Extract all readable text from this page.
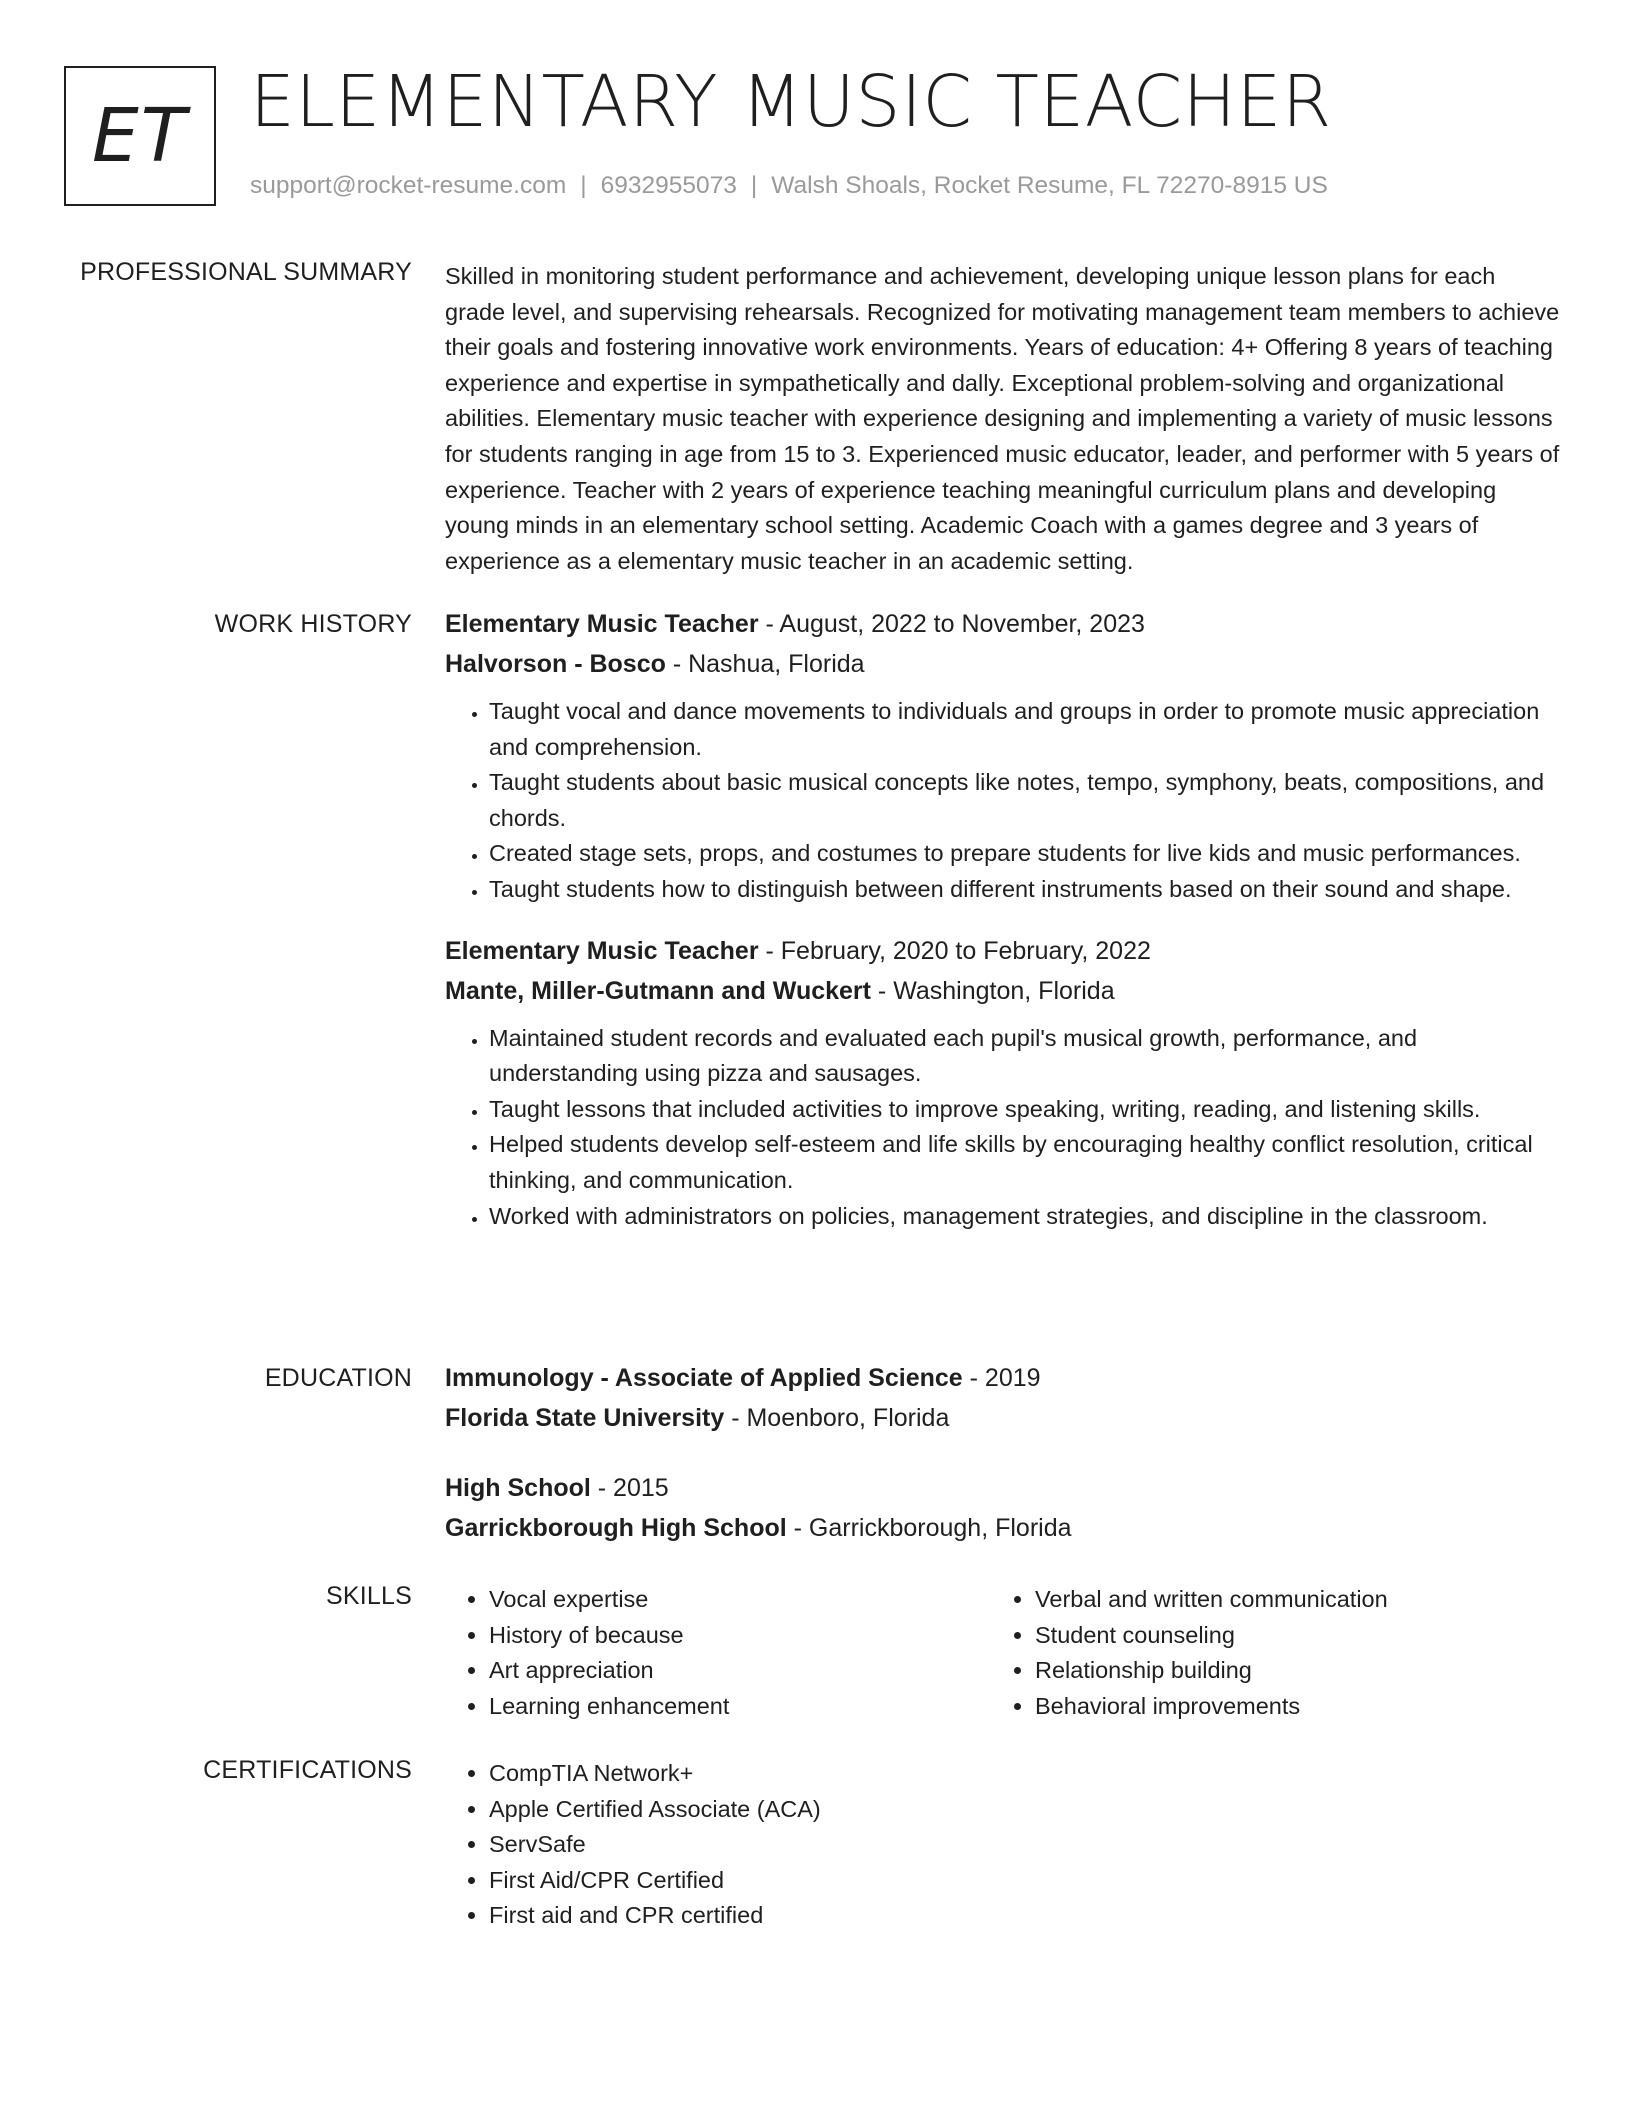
ET ELEMENTARY MUSIC TEACHER
support@rocket-resume.com | 6932955073 | Walsh Shoals, Rocket Resume, FL 72270-8915 US
PROFESSIONAL SUMMARY Skilled in monitoring student performance and achievement, developing unique lesson plans for each grade level, and supervising rehearsals. Recognized for motivating management team members to achieve their goals and fostering innovative work environments. Years of education: 4+ Offering 8 years of teaching experience and expertise in sympathetically and dally. Exceptional problem-solving and organizational abilities. Elementary music teacher with experience designing and implementing a variety of music lessons for students ranging in age from 15 to 3. Experienced music educator, leader, and performer with 5 years of experience. Teacher with 2 years of experience teaching meaningful curriculum plans and developing young minds in an elementary school setting. Academic Coach with a games degree and 3 years of experience as a elementary music teacher in an academic setting.

WORK HISTORY Elementary Music Teacher - August, 2022 to November, 2023
Halvorson - Bosco - Nashua, Florida
• Taught vocal and dance movements to individuals and groups in order to promote music appreciation and comprehension.
• Taught students about basic musical concepts like notes, tempo, symphony, beats, compositions, and chords.
• Created stage sets, props, and costumes to prepare students for live kids and music performances.
• Taught students how to distinguish between different instruments based on their sound and shape.
Elementary Music Teacher - February, 2020 to February, 2022
Mante, Miller-Gutmann and Wuckert - Washington, Florida
• Maintained student records and evaluated each pupil's musical growth, performance, and understanding using pizza and sausages.
• Taught lessons that included activities to improve speaking, writing, reading, and listening skills.
• Helped students develop self-esteem and life skills by encouraging healthy conflict resolution, critical thinking, and communication.
• Worked with administrators on policies, management strategies, and discipline in the classroom.
EDUCATION Immunology - Associate of Applied Science - 2019
Florida State University - Moenboro, Florida
High School - 2015
Garrickborough High School - Garrickborough, Florida
SKILLS	• Vocal expertise
• History of because
• Art appreciation
• Learning enhancement
• Verbal and written communication
• Student counseling
• Relationship building
• Behavioral improvements
CERTIFICATIONS	• CompTIA Network+
• Apple Certified Associate (ACA)
• ServSafe
• First Aid/CPR Certified
• First aid and CPR certified
